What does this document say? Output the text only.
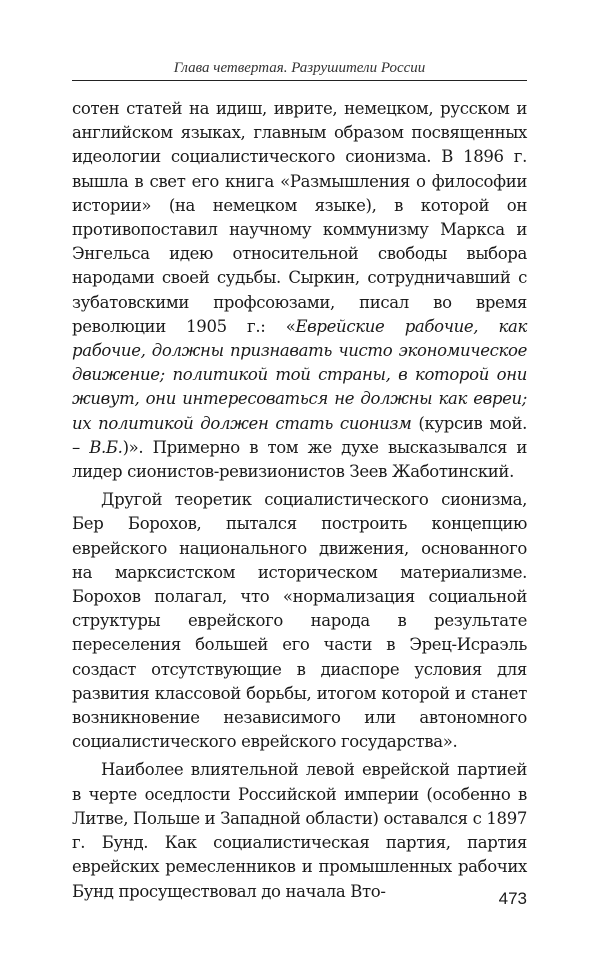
Глава четвертая. Разрушители России

сотен статей на идиш, иврите, немецком, русском и английском языках, главным образом посвященных идеологии социалистического сионизма. В 1896 г. вышла в свет его книга «Размышления о философии истории» (на немецком языке), в которой он противопоставил научному коммунизму Маркса и Энгельса идею относительной свободы выбора народами своей судьбы. Сыркин, сотрудничавший с зубатовскими профсоюзами, писал во время революции 1905 г.: «Еврейские рабочие, как рабочие, должны признавать чисто экономическое движение; политикой той страны, в которой они живут, они интересоваться не должны как евреи; их политикой должен стать сионизм (курсив мой. – В.Б.)». Примерно в том же духе высказывался и лидер сионистов-ревизионистов Зеев Жаботинский.

Другой теоретик социалистического сионизма, Бер Борохов, пытался построить концепцию еврейского национального движения, основанного на марксистском историческом материализме. Борохов полагал, что «нормализация социальной структуры еврейского народа в результате переселения большей его части в Эрец-Исраэль создаст отсутствующие в диаспоре условия для развития классовой борьбы, итогом которой и станет возникновение независимого или автономного социалистического еврейского государства».

Наиболее влиятельной левой еврейской партией в черте оседлости Российской империи (особенно в Литве, Польше и Западной области) оставался с 1897 г. Бунд. Как социалистическая партия, партия еврейских ремесленников и промышленных рабочих Бунд просуществовал до начала Вто-	473
